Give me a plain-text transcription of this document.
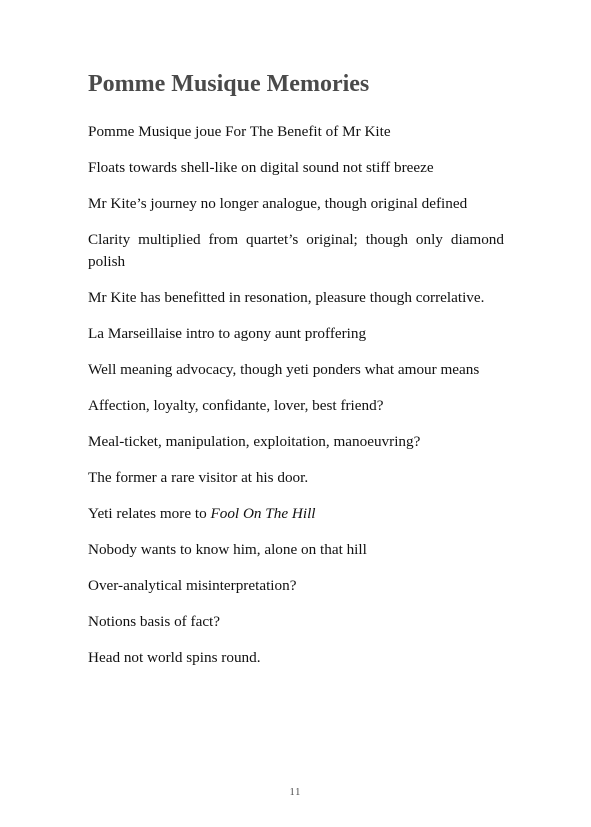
Pomme Musique Memories

Pomme Musique joue For The Benefit of Mr Kite

Floats towards shell-like on digital sound not stiff breeze

Mr Kite’s journey no longer analogue, though original defined

Clarity multiplied from quartet’s original; though only diamond polish

Mr Kite has benefitted in resonation, pleasure though correlative.

La Marseillaise intro to agony aunt proffering

Well meaning advocacy, though yeti ponders what amour means

Affection, loyalty, confidante, lover, best friend?

Meal-ticket, manipulation, exploitation, manoeuvring?

The former a rare visitor at his door.

Yeti relates more to Fool On The Hill

Nobody wants to know him, alone on that hill

Over-analytical misinterpretation?

Notions basis of fact?

Head not world spins round.

11
